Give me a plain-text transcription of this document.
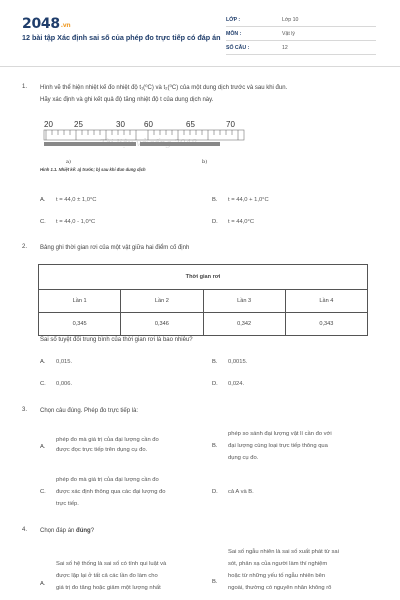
2048.vn
12 bài tập Xác định sai số của phép đo trực tiếp có đáp án
LỚP :	Lớp 10
MÔN :	Vật lý
SỐ CÂU :	12
1. Hình vẽ thể hiện nhiệt kế đo nhiệt độ t₁(⁰C) và t₂(⁰C) của một dung dịch trước và sau khi đun.
Hãy xác định và ghi kết quả độ tăng nhiệt độ t của dung dịch này.
20	25	30 60	65	70
a)	b)
Hình 1.1. Nhiệt kế: a) trước; b) sau khi đun dung dịch
A. t = 44,0 ± 1,0°C	B. t = 44,0 + 1,0°C
C. t = 44,0 - 1,0°C	D. t = 44,0°C
2. Bảng ghi thời gian rơi của một vật giữa hai điểm cố định
Thời gian rơi			
Lần 1	Lần 2	Lần 3	Lần 4
0,345	0,346	0,342	0,343
Sai số tuyệt đối trung bình của thời gian rơi là bao nhiêu?
A. 0,015.	B. 0,0015.
C. 0,006.	D. 0,024.
3. Chọn câu đúng. Phép đo trực tiếp là:
A.
phép đo mà giá trị của đại lượng cần đo
được đọc trực tiếp trên dụng cụ đo.
B.
phép so sánh đại lượng vật lí cần đo với
đại lượng cùng loại trực tiếp thông qua
dụng cụ đo.
C.
phép đo mà giá trị của đại lượng cần đo
được xác định thông qua các đại lượng đo
trực tiếp.
D. cả A và B.
4. Chọn đáp án đúng?
A.
Sai số hệ thống là sai số có tính qui luật và
được lặp lại ở tất cả các lần đo làm cho
giá trị đo tăng hoặc giảm một lượng nhất
B.
Sai số ngẫu nhiên là sai số xuất phát từ sai
sót, phản xạ của người làm thí nghiệm
hoặc từ những yếu tố ngẫu nhiên bên
ngoài, thường có nguyên nhân không rõ
